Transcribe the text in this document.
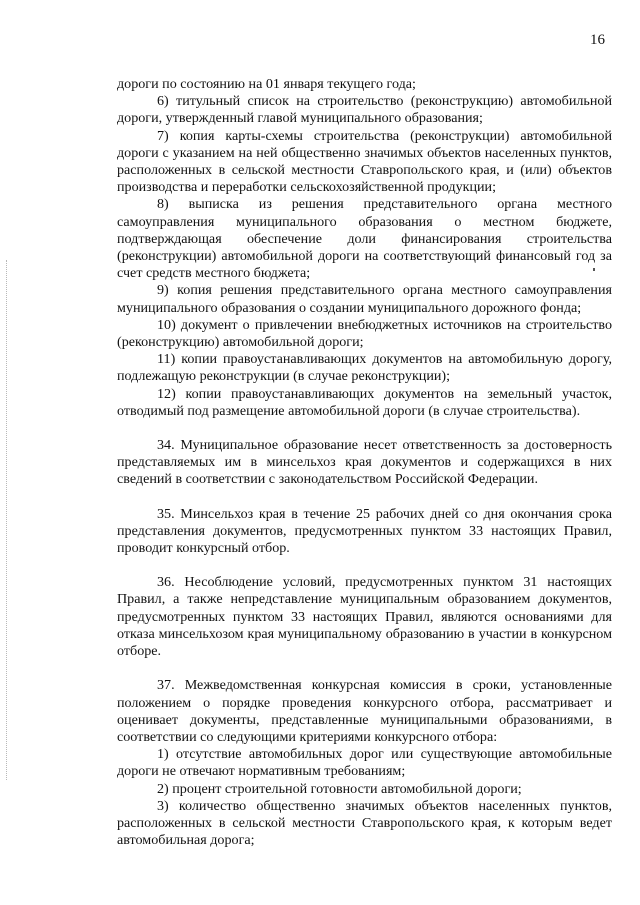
16

дороги по состоянию на 01 января текущего года;

6) титульный список на строительство (реконструкцию) автомобильной дороги, утвержденный главой муниципального образования;

7) копия карты-схемы строительства (реконструкции) автомобильной дороги с указанием на ней общественно значимых объектов населенных пунктов, расположенных в сельской местности Ставропольского края, и (или) объектов производства и переработки сельскохозяйственной продукции;

8) выписка из решения представительного органа местного самоуправления муниципального образования о местном бюджете, подтверждающая обеспечение доли финансирования строительства (реконструкции) автомобильной дороги на соответствующий финансовый год за счет средств местного бюджета;

9) копия решения представительного органа местного самоуправления муниципального образования о создании муниципального дорожного фонда;

10) документ о привлечении внебюджетных источников на строительство (реконструкцию) автомобильной дороги;

11) копии правоустанавливающих документов на автомобильную дорогу, подлежащую реконструкции (в случае реконструкции);

12) копии правоустанавливающих документов на земельный участок, отводимый под размещение автомобильной дороги (в случае строительства).

34. Муниципальное образование несет ответственность за достоверность представляемых им в минсельхоз края документов и содержащихся в них сведений в соответствии с законодательством Российской Федерации.

35. Минсельхоз края в течение 25 рабочих дней со дня окончания срока представления документов, предусмотренных пунктом 33 настоящих Правил, проводит конкурсный отбор.

36. Несоблюдение условий, предусмотренных пунктом 31 настоящих Правил, а также непредставление муниципальным образованием документов, предусмотренных пунктом 33 настоящих Правил, являются основаниями для отказа минсельхозом края муниципальному образованию в участии в конкурсном отборе.

37. Межведомственная конкурсная комиссия в сроки, установленные положением о порядке проведения конкурсного отбора, рассматривает и оценивает документы, представленные муниципальными образованиями, в соответствии со следующими критериями конкурсного отбора:

1) отсутствие автомобильных дорог или существующие автомобильные дороги не отвечают нормативным требованиям;

2) процент строительной готовности автомобильной дороги;

3) количество общественно значимых объектов населенных пунктов, расположенных в сельской местности Ставропольского края, к которым ведет автомобильная дорога;
